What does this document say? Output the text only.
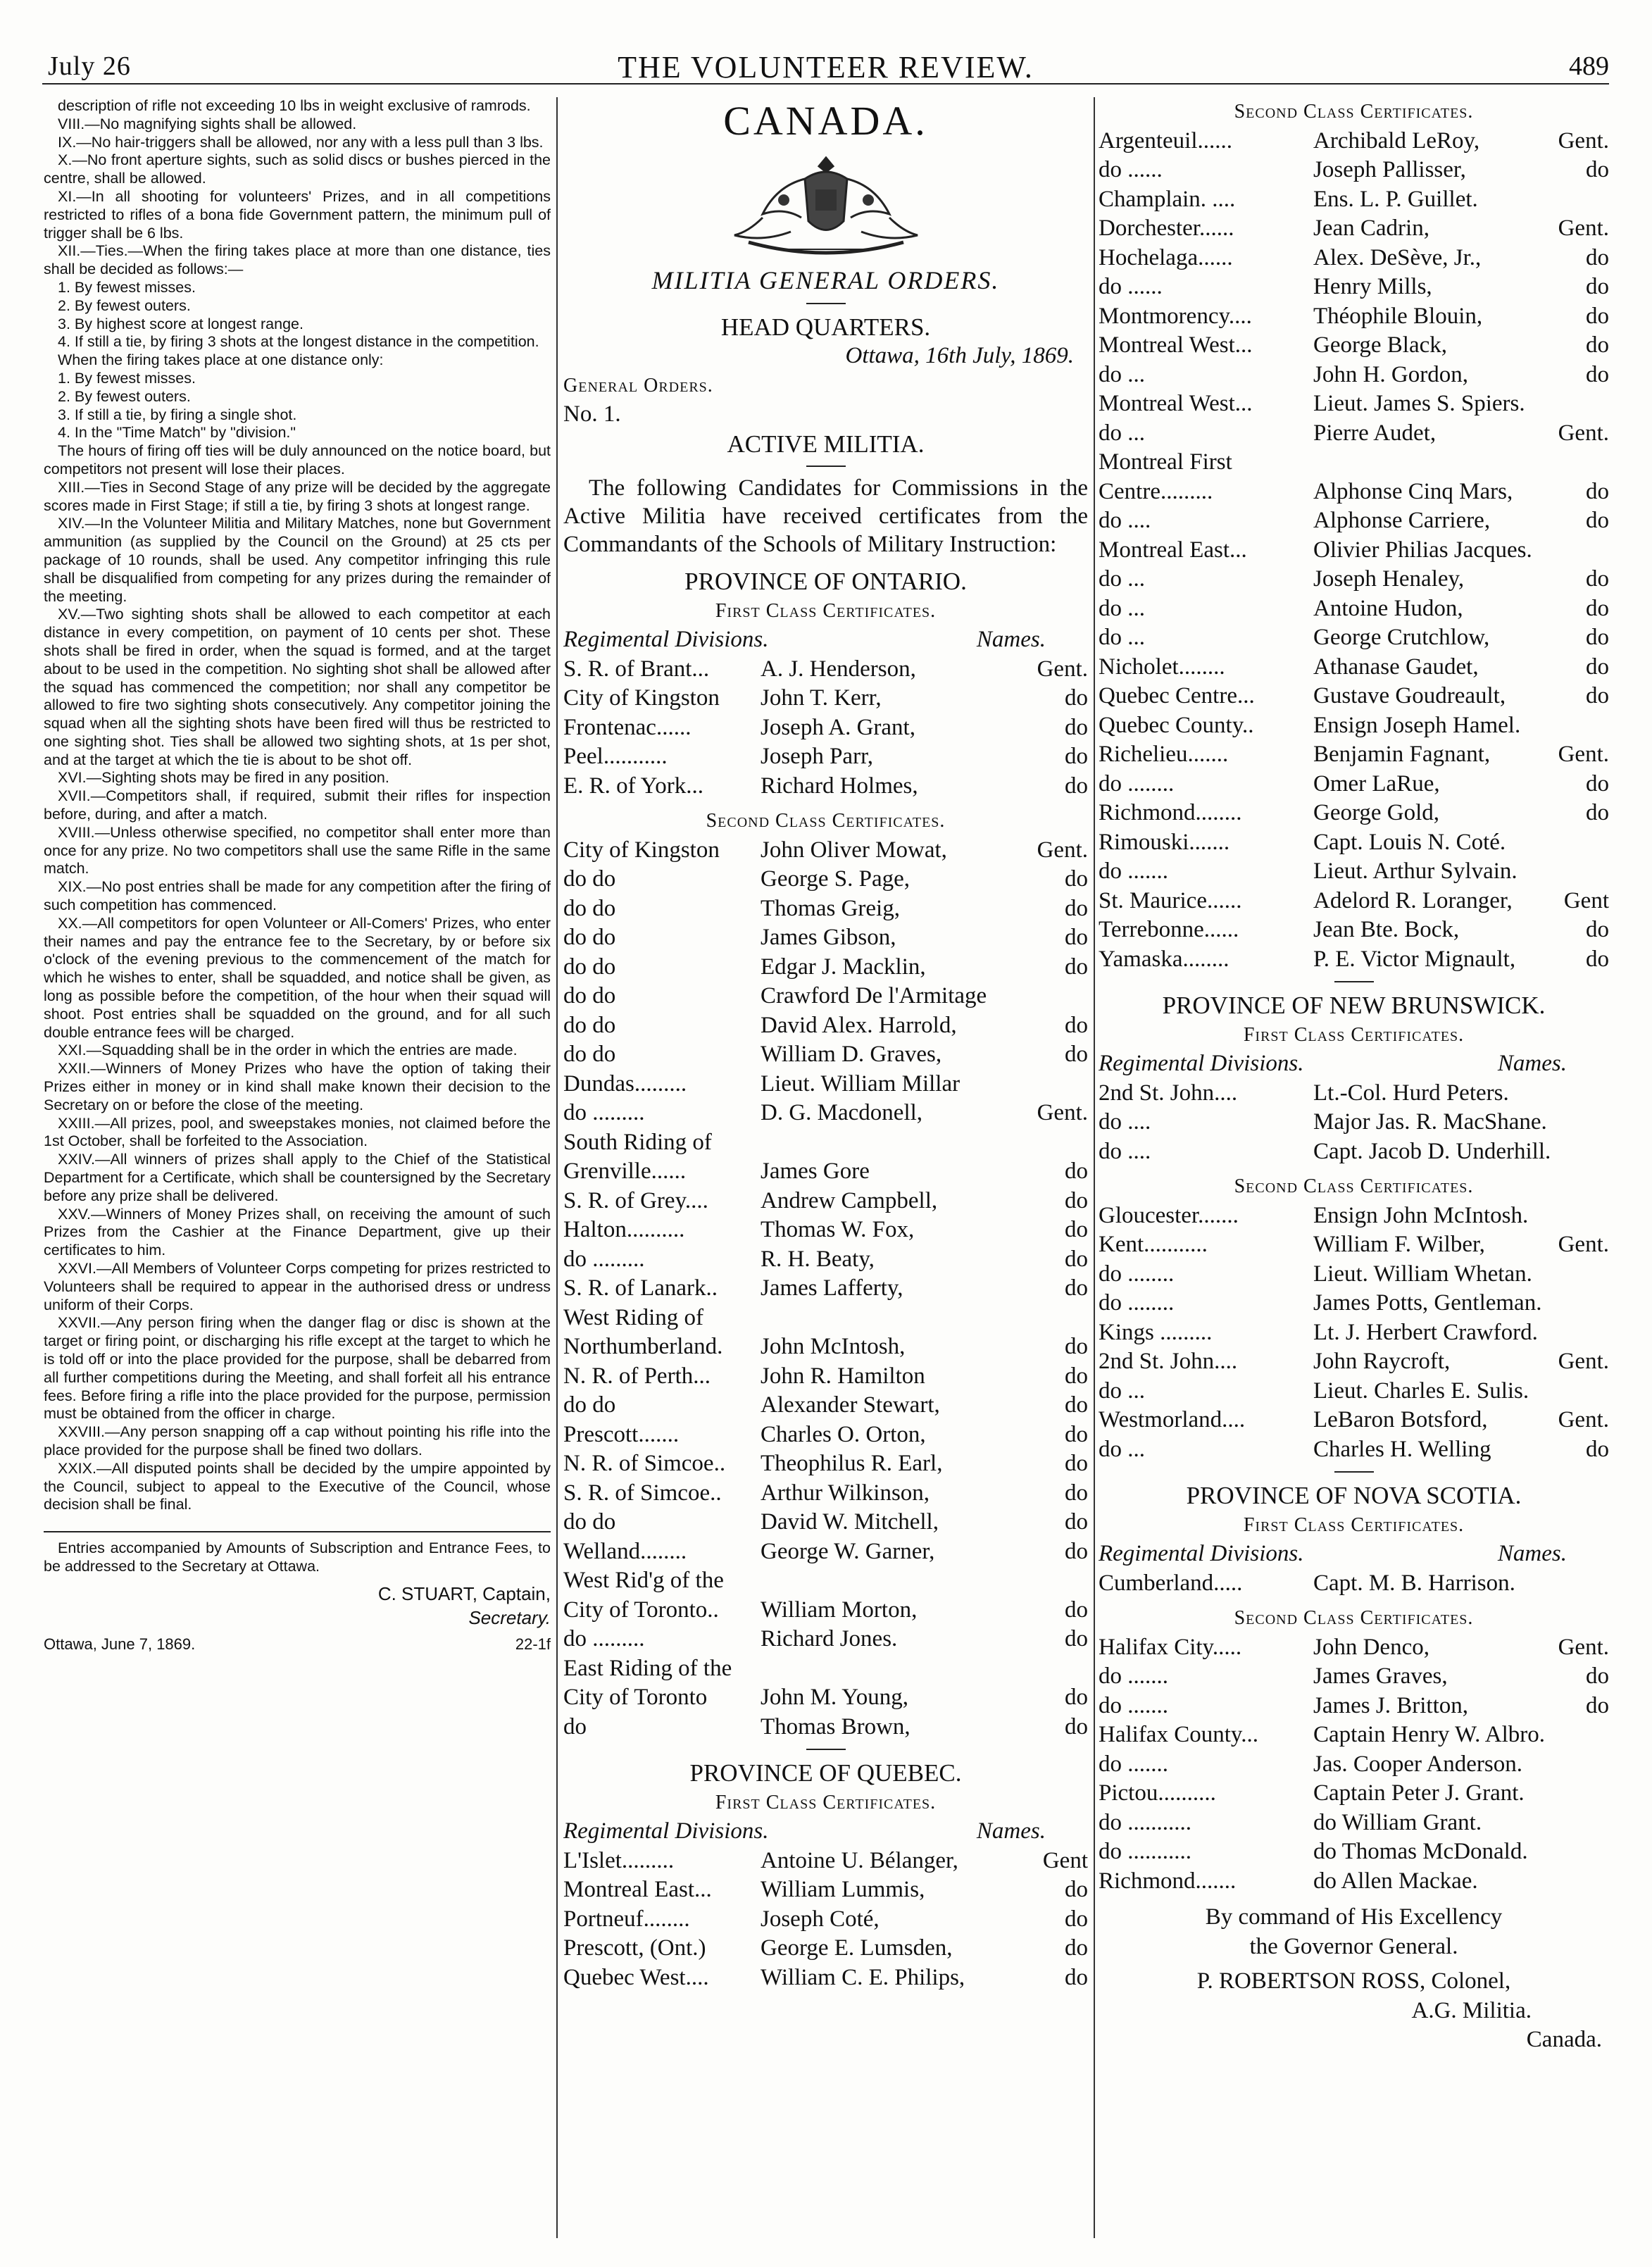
July 26	THE VOLUNTEER REVIEW.	489

description of rifle not exceeding 10 lbs in weight exclusive of ramrods.

VIII.—No magnifying sights shall be allowed.

IX.—No hair-triggers shall be allowed, nor any with a less pull than 3 lbs.

X.—No front aperture sights, such as solid discs or bushes pierced in the centre, shall be allowed.

XI.—In all shooting for volunteers' Prizes, and in all competitions restricted to rifles of a bona fide Government pattern, the minimum pull of trigger shall be 6 lbs.

XII.—Ties.—When the firing takes place at more than one distance, ties shall be decided as follows:—

1. By fewest misses.

2. By fewest outers.

3. By highest score at longest range.

4. If still a tie, by firing 3 shots at the longest distance in the competition.

When the firing takes place at one distance only:

1. By fewest misses.

2. By fewest outers.

3. If still a tie, by firing a single shot.

4. In the "Time Match" by "division."

The hours of firing off ties will be duly announced on the notice board, but competitors not present will lose their places.

XIII.—Ties in Second Stage of any prize will be decided by the aggregate scores made in First Stage; if still a tie, by firing 3 shots at longest range.

XIV.—In the Volunteer Militia and Military Matches, none but Government ammunition (as supplied by the Council on the Ground) at 25 cts per package of 10 rounds, shall be used. Any competitor infringing this rule shall be disqualified from competing for any prizes during the remainder of the meeting.

XV.—Two sighting shots shall be allowed to each competitor at each distance in every competition, on payment of 10 cents per shot. These shots shall be fired in order, when the squad is formed, and at the target about to be used in the competition. No sighting shot shall be allowed after the squad has commenced the competition; nor shall any competitor be allowed to fire two sighting shots consecutively. Any competitor joining the squad when all the sighting shots have been fired will thus be restricted to one sighting shot. Ties shall be allowed two sighting shots, at 1s per shot, and at the target at which the tie is about to be shot off.

XVI.—Sighting shots may be fired in any position.

XVII.—Competitors shall, if required, submit their rifles for inspection before, during, and after a match.

XVIII.—Unless otherwise specified, no competitor shall enter more than once for any prize. No two competitors shall use the same Rifle in the same match.

XIX.—No post entries shall be made for any competition after the firing of such competition has commenced.

XX.—All competitors for open Volunteer or All-Comers' Prizes, who enter their names and pay the entrance fee to the Secretary, by or before six o'clock of the evening previous to the commencement of the match for which he wishes to enter, shall be squadded, and notice shall be given, as long as possible before the competition, of the hour when their squad will shoot. Post entries shall be squadded on the ground, and for all such double entrance fees will be charged.

XXI.—Squadding shall be in the order in which the entries are made.

XXII.—Winners of Money Prizes who have the option of taking their Prizes either in money or in kind shall make known their decision to the Secretary on or before the close of the meeting.

XXIII.—All prizes, pool, and sweepstakes monies, not claimed before the 1st October, shall be forfeited to the Association.

XXIV.—All winners of prizes shall apply to the Chief of the Statistical Department for a Certificate, which shall be countersigned by the Secretary before any prize shall be delivered.

XXV.—Winners of Money Prizes shall, on receiving the amount of such Prizes from the Cashier at the Finance Department, give up their certificates to him.

XXVI.—All Members of Volunteer Corps competing for prizes restricted to Volunteers shall be required to appear in the authorised dress or undress uniform of their Corps.

XXVII.—Any person firing when the danger flag or disc is shown at the target or firing point, or discharging his rifle except at the target to which he is told off or into the place provided for the purpose, shall be debarred from all further competitions during the Meeting, and shall forfeit all his entrance fees. Before firing a rifle into the place provided for the purpose, permission must be obtained from the officer in charge.

XXVIII.—Any person snapping off a cap without pointing his rifle into the place provided for the purpose shall be fined two dollars.

XXIX.—All disputed points shall be decided by the umpire appointed by the Council, subject to appeal to the Executive of the Council, whose decision shall be final.

Entries accompanied by Amounts of Subscription and Entrance Fees, to be addressed to the Secretary at Ottawa.

C. STUART, Captain,
Secretary.
Ottawa, June 7, 1869.	22-1f
CANADA.
MILITIA GENERAL ORDERS.
HEAD QUARTERS.
Ottawa, 16th July, 1869.
General Orders.
No. 1.
ACTIVE MILITIA.
The following Candidates for Commissions in the Active Militia have received certificates from the Commandants of the Schools of Military Instruction:
PROVINCE OF ONTARIO.
First Class Certificates.
Regimental Divisions.	Names.
S. R. of Brant...	A. J. Henderson,	Gent.
City of Kingston	John T. Kerr,	do
Frontenac......	Joseph A. Grant,	do
Peel...........	Joseph Parr,	do
E. R. of York...	Richard Holmes,	do
Second Class Certificates.
City of Kingston	John Oliver Mowat,	Gent.
do do	George S. Page,	do
do do	Thomas Greig,	do
do do	James Gibson,	do
do do	Edgar J. Macklin,	do
do do	Crawford De l'Armitage
do do	David Alex. Harrold,	do
do do	William D. Graves,	do
Dundas.........	Lieut. William Millar
do .........	D. G. Macdonell,	Gent.
South Riding of
Grenville......	James Gore	do
S. R. of Grey....	Andrew Campbell,	do
Halton..........	Thomas W. Fox,	do
do .........	R. H. Beaty,	do
S. R. of Lanark..	James Lafferty,	do
West Riding of
Northumberland.	John McIntosh,	do
N. R. of Perth...	John R. Hamilton	do
do do	Alexander Stewart,	do
Prescott.......	Charles O. Orton,	do
N. R. of Simcoe..	Theophilus R. Earl,	do
S. R. of Simcoe..	Arthur Wilkinson,	do
do do	David W. Mitchell,	do
Welland........	George W. Garner,	do
West Rid'g of the
City of Toronto..	William Morton,	do
do .........	Richard Jones.	do
East Riding of the
City of Toronto	John M. Young,	do
do	Thomas Brown,	do
PROVINCE OF QUEBEC.
First Class Certificates.
Regimental Divisions.	Names.
L'Islet.........	Antoine U. Bélanger,	Gent
Montreal East...	William Lummis,	do
Portneuf........	Joseph Coté,	do
Prescott, (Ont.)	George E. Lumsden,	do
Quebec West....	William C. E. Philips,	do
Second Class Certificates.
Argenteuil......	Archibald LeRoy,	Gent.
do ......	Joseph Pallisser,	do
Champlain. ....	Ens. L. P. Guillet.
Dorchester......	Jean Cadrin,	Gent.
Hochelaga......	Alex. DeSève, Jr.,	do
do ......	Henry Mills,	do
Montmorency....	Théophile Blouin,	do
Montreal West...	George Black,	do
do ...	John H. Gordon,	do
Montreal West...	Lieut. James S. Spiers.
do ...	Pierre Audet,	Gent.
Montreal First
Centre.........	Alphonse Cinq Mars,	do
do ....	Alphonse Carriere,	do
Montreal East...	Olivier Philias Jacques.
do ...	Joseph Henaley,	do
do ...	Antoine Hudon,	do
do ...	George Crutchlow,	do
Nicholet........	Athanase Gaudet,	do
Quebec Centre...	Gustave Goudreault,	do
Quebec County..	Ensign Joseph Hamel.
Richelieu.......	Benjamin Fagnant,	Gent.
do ........	Omer LaRue,	do
Richmond........	George Gold,	do
Rimouski.......	Capt. Louis N. Coté.
do .......	Lieut. Arthur Sylvain.
St. Maurice......	Adelord R. Loranger,	Gent
Terrebonne......	Jean Bte. Bock,	do
Yamaska........	P. E. Victor Mignault,	do
PROVINCE OF NEW BRUNSWICK.
First Class Certificates.
Regimental Divisions.	Names.
2nd St. John....	Lt.-Col. Hurd Peters.
do ....	Major Jas. R. MacShane.
do ....	Capt. Jacob D. Underhill.
Second Class Certificates.
Gloucester.......	Ensign John McIntosh.
Kent...........	William F. Wilber,	Gent.
do ........	Lieut. William Whetan.
do ........	James Potts, Gentleman.
Kings .........	Lt. J. Herbert Crawford.
2nd St. John....	John Raycroft,	Gent.
do ...	Lieut. Charles E. Sulis.
Westmorland....	LeBaron Botsford,	Gent.
do ...	Charles H. Welling	do
PROVINCE OF NOVA SCOTIA.
First Class Certificates.
Regimental Divisions.	Names.
Cumberland.....	Capt. M. B. Harrison.
Second Class Certificates.
Halifax City.....	John Denco,	Gent.
do .......	James Graves,	do
do .......	James J. Britton,	do
Halifax County...	Captain Henry W. Albro.
do .......	Jas. Cooper Anderson.
Pictou..........	Captain Peter J. Grant.
do ...........	do William Grant.
do ...........	do Thomas McDonald.
Richmond.......	do Allen Mackae.

By command of His Excellency

the Governor General.

P. ROBERTSON ROSS, Colonel,

A.G. Militia.

Canada.
